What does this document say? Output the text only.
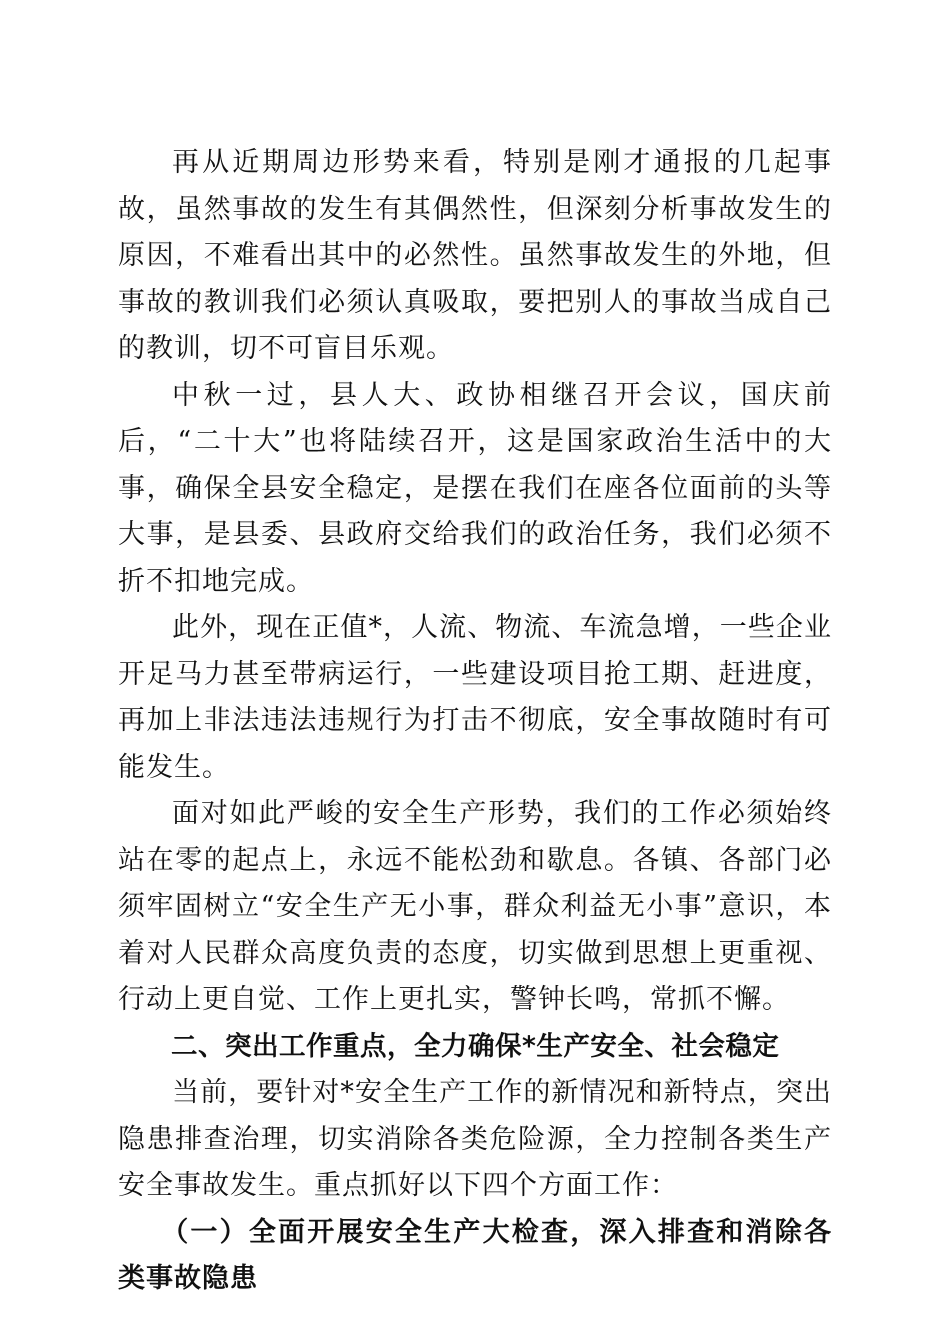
再从近期周边形势来看，特别是刚才通报的几起事故，虽然事故的发生有其偶然性，但深刻分析事故发生的原因，不难看出其中的必然性。虽然事故发生的外地，但事故的教训我们必须认真吸取，要把别人的事故当成自己的教训，切不可盲目乐观。

中秋一过，县人大、政协相继召开会议，国庆前后，“二十大”也将陆续召开，这是国家政治生活中的大事，确保全县安全稳定，是摆在我们在座各位面前的头等大事，是县委、县政府交给我们的政治任务，我们必须不折不扣地完成。

此外，现在正值*，人流、物流、车流急增，一些企业开足马力甚至带病运行，一些建设项目抢工期、赶进度，再加上非法违法违规行为打击不彻底，安全事故随时有可能发生。

面对如此严峻的安全生产形势，我们的工作必须始终站在零的起点上，永远不能松劲和歇息。各镇、各部门必须牢固树立“安全生产无小事，群众利益无小事”意识，本着对人民群众高度负责的态度，切实做到思想上更重视、行动上更自觉、工作上更扎实，警钟长鸣，常抓不懈。

二、突出工作重点，全力确保*生产安全、社会稳定

当前，要针对*安全生产工作的新情况和新特点，突出隐患排查治理，切实消除各类危险源，全力控制各类生产安全事故发生。重点抓好以下四个方面工作：

（一）全面开展安全生产大检查，深入排查和消除各类事故隐患
